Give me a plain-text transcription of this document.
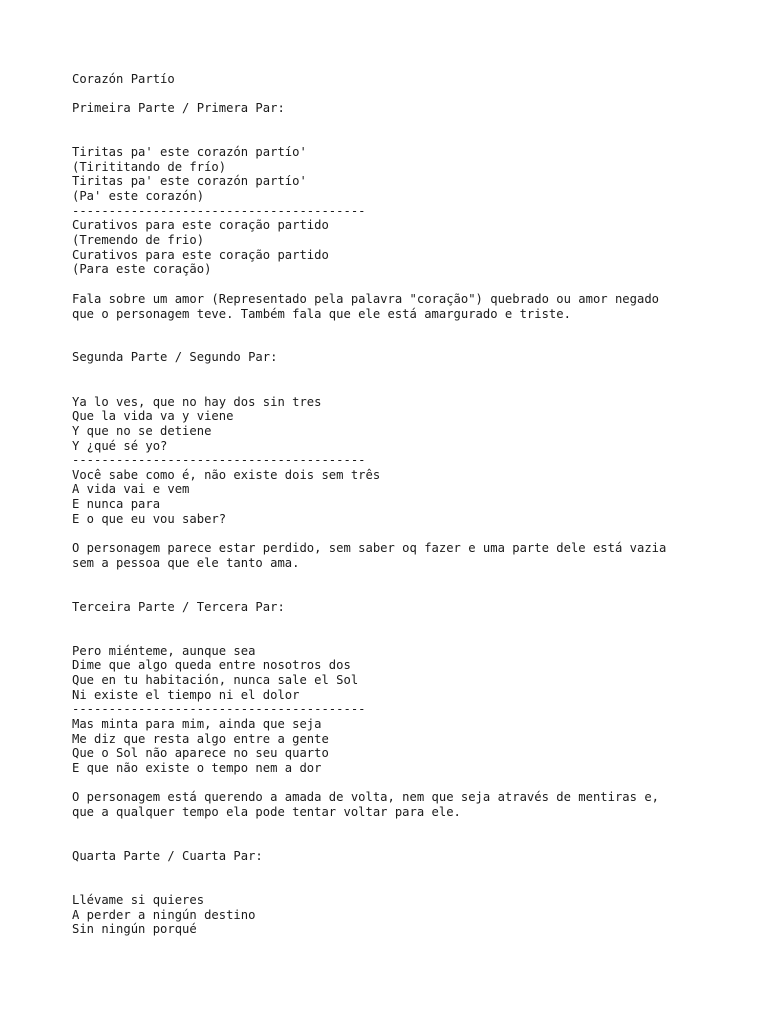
Corazón Partío
Primeira Parte / Primera Par:
Tiritas pa' este corazón partío'
(Tirititando de frío)
Tiritas pa' este corazón partío'
(Pa' este corazón)
----------------------------------------
Curativos para este coração partido
(Tremendo de frio)
Curativos para este coração partido
(Para este coração)
Fala sobre um amor (Representado pela palavra "coração") quebrado ou amor negado
que o personagem teve. Também fala que ele está amargurado e triste.
Segunda Parte / Segundo Par:
Ya lo ves, que no hay dos sin tres
Que la vida va y viene
Y que no se detiene
Y ¿qué sé yo?
----------------------------------------
Você sabe como é, não existe dois sem três
A vida vai e vem
E nunca para
E o que eu vou saber?
O personagem parece estar perdido, sem saber oq fazer e uma parte dele está vazia
sem a pessoa que ele tanto ama.
Terceira Parte / Tercera Par:
Pero miénteme, aunque sea
Dime que algo queda entre nosotros dos
Que en tu habitación, nunca sale el Sol
Ni existe el tiempo ni el dolor
----------------------------------------
Mas minta para mim, ainda que seja
Me diz que resta algo entre a gente
Que o Sol não aparece no seu quarto
E que não existe o tempo nem a dor
O personagem está querendo a amada de volta, nem que seja através de mentiras e,
que a qualquer tempo ela pode tentar voltar para ele.
Quarta Parte / Cuarta Par:
Llévame si quieres
A perder a ningún destino
Sin ningún porqué
